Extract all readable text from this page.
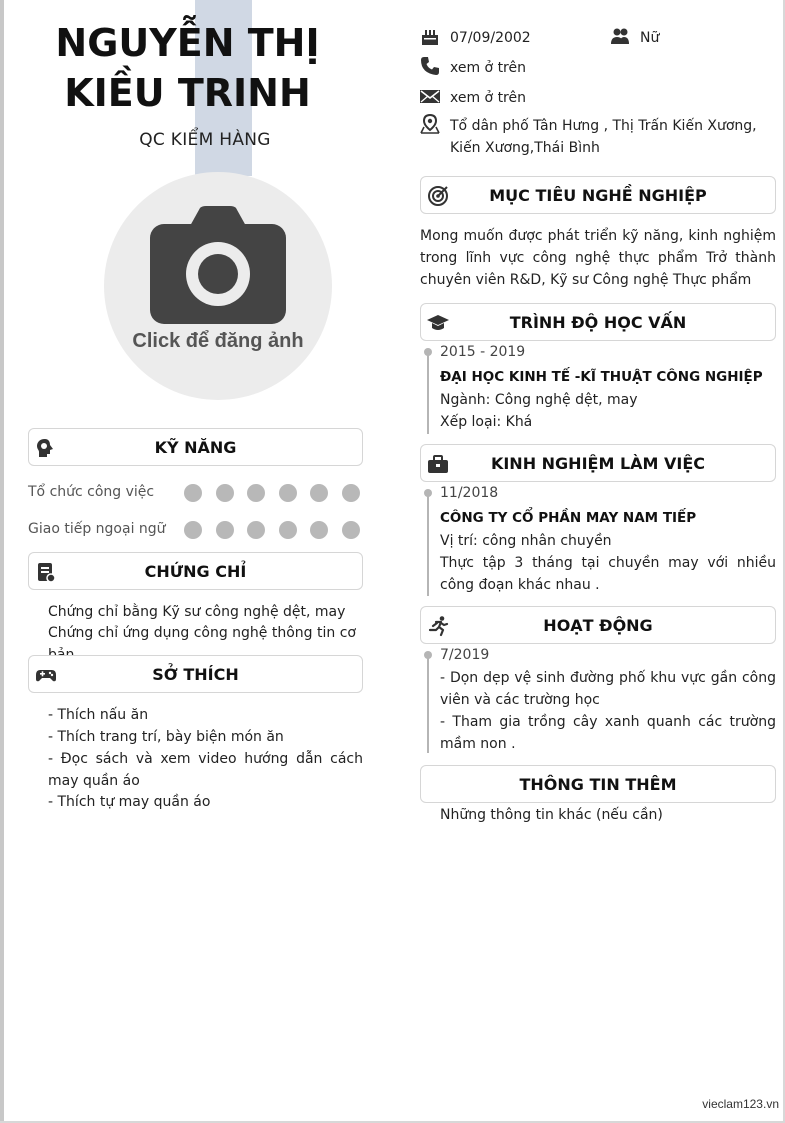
NGUYỄN THỊ KIỀU TRINH
QC KIỂM HÀNG
Click để đăng ảnh
KỸ NĂNG
Tổ chức công việc
Giao tiếp ngoại ngữ
CHỨNG CHỈ
Chứng chỉ bằng Kỹ sư công nghệ dệt, may
Chứng chỉ ứng dụng công nghệ thông tin cơ
SỞ THÍCH
- Thích nấu ăn
- Thích trang trí, bày biện món ăn
- Đọc sách và xem video hướng dẫn cách may quần áo
- Thích tự may quần áo
07/09/2002	Nữ
xem ở trên
xem ở trên
Tổ dân phố Tân Hưng , Thị Trấn Kiến Xương, Kiến Xương,Thái Bình
MỤC TIÊU NGHỀ NGHIỆP
Mong muốn được phát triển kỹ năng, kinh nghiệm trong lĩnh vực công nghệ thực phẩm Trở thành chuyên viên R&D, Kỹ sư Công nghệ Thực phẩm
TRÌNH ĐỘ HỌC VẤN
2015 - 2019
ĐẠI HỌC KINH TẾ -KĨ THUẬT CÔNG NGHIỆP
Ngành: Công nghệ dệt, may
Xếp loại: Khá
KINH NGHIỆM LÀM VIỆC
11/2018
CÔNG TY CỔ PHẦN MAY NAM TIẾP
Vị trí: công nhân chuyền
Thực tập 3 tháng tại chuyền may với nhiều công đoạn khác nhau .
HOẠT ĐỘNG
7/2019
- Dọn dẹp vệ sinh đường phố khu vực gần công viên và các trường học
- Tham gia trồng cây xanh quanh các trường mầm non .
THÔNG TIN THÊM
Những thông tin khác (nếu cần)
vieclam123.vn
